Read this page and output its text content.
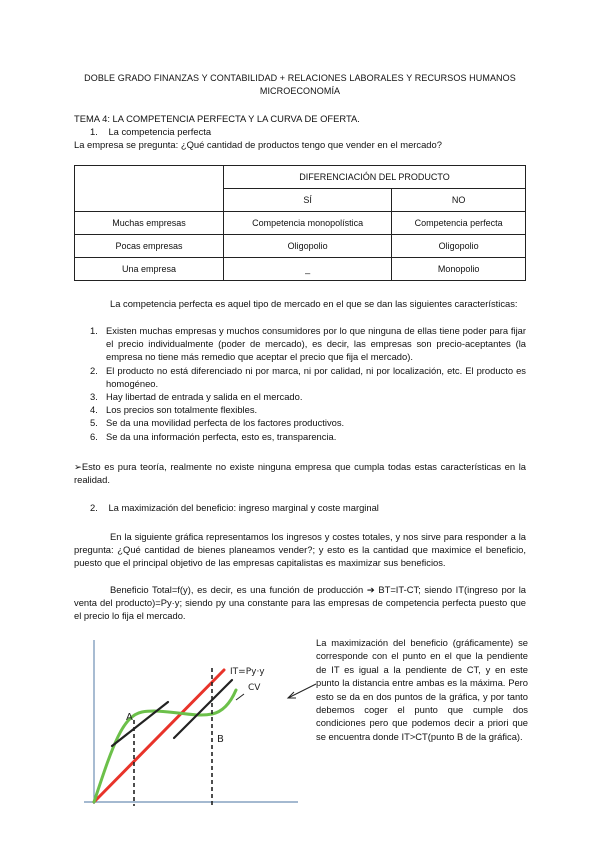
DOBLE GRADO FINANZAS Y CONTABILIDAD + RELACIONES LABORALES Y RECURSOS HUMANOS
MICROECONOMÍA
TEMA 4: LA COMPETENCIA PERFECTA Y LA CURVA DE OFERTA.
1. La competencia perfecta
La empresa se pregunta: ¿Qué cantidad de productos tengo que vender en el mercado?
	DIFERENCIACIÓN DEL PRODUCTO	
	SÍ	NO
Muchas empresas	Competencia monopolística	Competencia perfecta
Pocas empresas	Oligopolio	Oligopolio
Una empresa	_	Monopolio
La competencia perfecta es aquel tipo de mercado en el que se dan las siguientes características:
1. Existen muchas empresas y muchos consumidores por lo que ninguna de ellas tiene poder para fijar el precio individualmente (poder de mercado), es decir, las empresas son precio-aceptantes (la empresa no tiene más remedio que aceptar el precio que fija el mercado).
2. El producto no está diferenciado ni por marca, ni por calidad, ni por localización, etc. El producto es homogéneo.
3. Hay libertad de entrada y salida en el mercado.
4. Los precios son totalmente flexibles.
5. Se da una movilidad perfecta de los factores productivos.
6. Se da una información perfecta, esto es, transparencia.
➢Esto es pura teoría, realmente no existe ninguna empresa que cumpla todas estas características en la realidad.
2. La maximización del beneficio: ingreso marginal y coste marginal
En la siguiente gráfica representamos los ingresos y costes totales, y nos sirve para responder a la pregunta: ¿Qué cantidad de bienes planeamos vender?; y esto es la cantidad que maximice el beneficio, puesto que el principal objetivo de las empresas capitalistas es maximizar sus beneficios.
Beneficio Total=f(y), es decir, es una función de producción ➔ BT=IT-CT; siendo IT(ingreso por la venta del producto)=Py·y; siendo py una constante para las empresas de competencia perfecta puesto que el precio lo fija el mercado.
A
B
IT=Py·y
CV
La maximización del beneficio (gráficamente) se corresponde con el punto en el que la pendiente de IT es igual a la pendiente de CT, y en este punto la distancia entre ambas es la máxima. Pero esto se da en dos puntos de la gráfica, y por tanto debemos coger el punto que cumple dos condiciones pero que podemos decir a priori que se encuentra donde IT>CT(punto B de la gráfica).
